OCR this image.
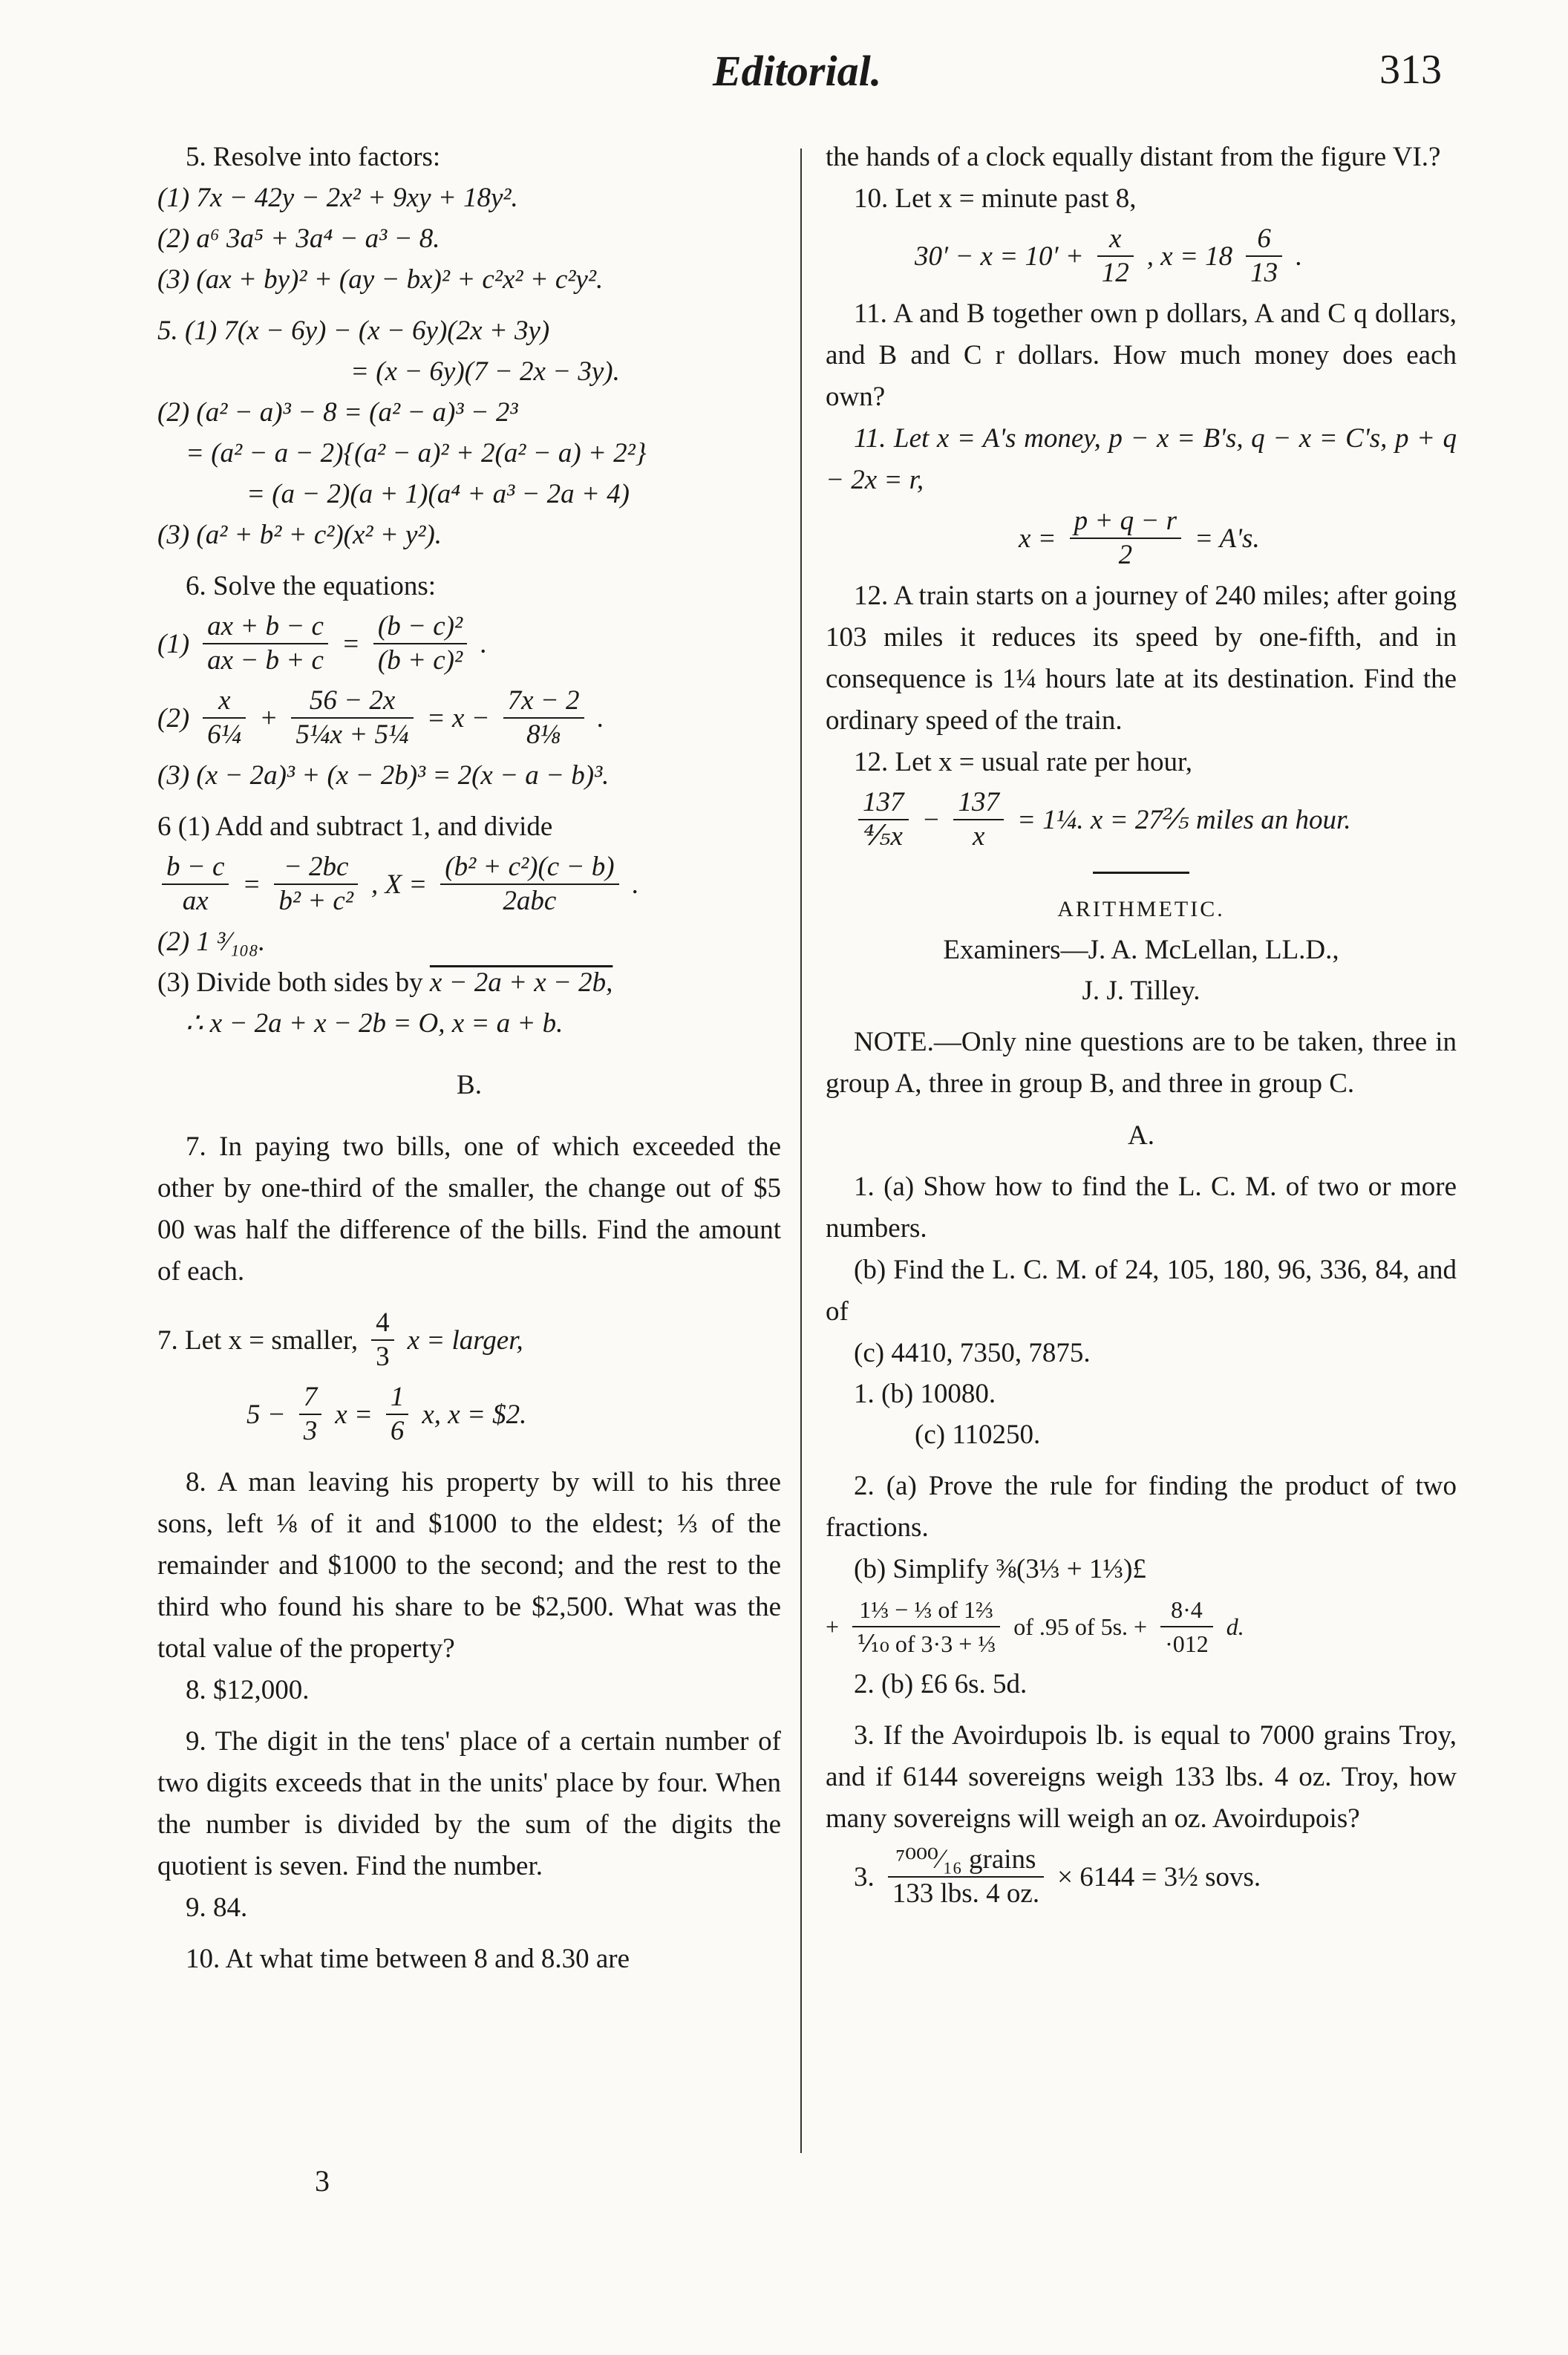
Editorial.	313
5. Resolve into factors:
(1) 7x − 42y − 2x² + 9xy + 18y².
(2) a⁶ 3a⁵ + 3a⁴ − a³ − 8.
(3) (ax + by)² + (ay − bx)² + c²x² + c²y².
5. (1) 7(x − 6y) − (x − 6y)(2x + 3y)
= (x − 6y)(7 − 2x − 3y).
(2) (a² − a)³ − 8 = (a² − a)³ − 2³
= (a² − a − 2){(a² − a)² + 2(a² − a) + 2²}
= (a − 2)(a + 1)(a⁴ + a³ − 2a + 4)
(3) (a² + b² + c²)(x² + y²).
6. Solve the equations:
$(1) \frac{ax + b - c}{ax - b + c} = \frac{\text{(b − c)²}}{\text{(b + c)²}}$ .
$(2) \frac{x}{\text{6¼}} + \frac{56 - 2x}{\text{5¼x + 5¼}} = x - \frac{7x - 2}{\text{8⅛}}$ .
(3) (x − 2a)³ + (x − 2b)³ = 2(x − a − b)³.
6 (1) Add and subtract 1, and divide
$\frac{b - c}{ax} = \frac{- 2bc}{\text{b² + c²}}$ , $X = \frac{\text{(b² + c²)(c − b)}}{\text{2abc}}$ .
(2) 1 ³⁄₁₀₈.
(3) Divide both sides by x − 2a + x − 2b,
∴ x − 2a + x − 2b = O, x = a + b.
B.
7. In paying two bills, one of which exceeded the other by one-third of the smaller, the change out of $5 00 was half the difference of the bills. Find the amount of each.
7. Let x = smaller, $\frac{4}{3}$ x = larger,
$5 - \frac{7}{3}$ $x = \frac{1}{6} x$, x = $2.
8. A man leaving his property by will to his three sons, left ⅛ of it and $1000 to the eldest; ⅓ of the remainder and $1000 to the second; and the rest to the third who found his share to be $2,500. What was the total value of the property?
8. $12,000.
9. The digit in the tens' place of a certain number of two digits exceeds that in the units' place by four. When the number is divided by the sum of the digits the quotient is seven. Find the number.
9. 84.
10. At what time between 8 and 8.30 are
3
the hands of a clock equally distant from the figure VI.?
10. Let x = minute past 8,
$30' - x = 10' + \frac{x}{12}$ , $x = 18 \frac{6}{13}$ .
11. A and B together own p dollars, A and C q dollars, and B and C r dollars. How much money does each own?
11. Let x = A's money, p − x = B's, q − x = C's, p + q − 2x = r,
$x = \frac{p + q - r}{2} = A's$.
12. A train starts on a journey of 240 miles; after going 103 miles it reduces its speed by one-fifth, and in consequence is 1¼ hours late at its destination. Find the ordinary speed of the train.
12. Let x = usual rate per hour,
$\frac{137}{\text{⅘x}} - \frac{137}{x}$ = 1¼. x = 27⅖ miles an hour.
ARITHMETIC.
Examiners—J. A. McLellan, LL.D.,
J. J. Tilley.
NOTE.—Only nine questions are to be taken, three in group A, three in group B, and three in group C.
A.
1. (a) Show how to find the L. C. M. of two or more numbers.
(b) Find the L. C. M. of 24, 105, 180, 96, 336, 84, and of
(c) 4410, 7350, 7875.
1. (b) 10080.
(c) 110250.
2. (a) Prove the rule for finding the product of two fractions.
(b) Simplify ⅜(3⅓ + 1⅓)£
+ $\frac{\text{1⅓ − ⅓ of 1⅔}}{\text{⅒ of 3·3 + ⅓}}$ of .95 of 5s. + $\frac{8\cdot 4}{\cdot 012} d$.
2. (b) £6 6s. 5d.
3. If the Avoirdupois lb. is equal to 7000 grains Troy, and if 6144 sovereigns weigh 133 lbs. 4 oz. Troy, how many sovereigns will weigh an oz. Avoirdupois?
3. $\frac{\text{⁷⁰⁰⁰⁄₁₆ grains}}{\text{133 lbs. 4 oz.}} \times 6144$ = 3½ sovs.
